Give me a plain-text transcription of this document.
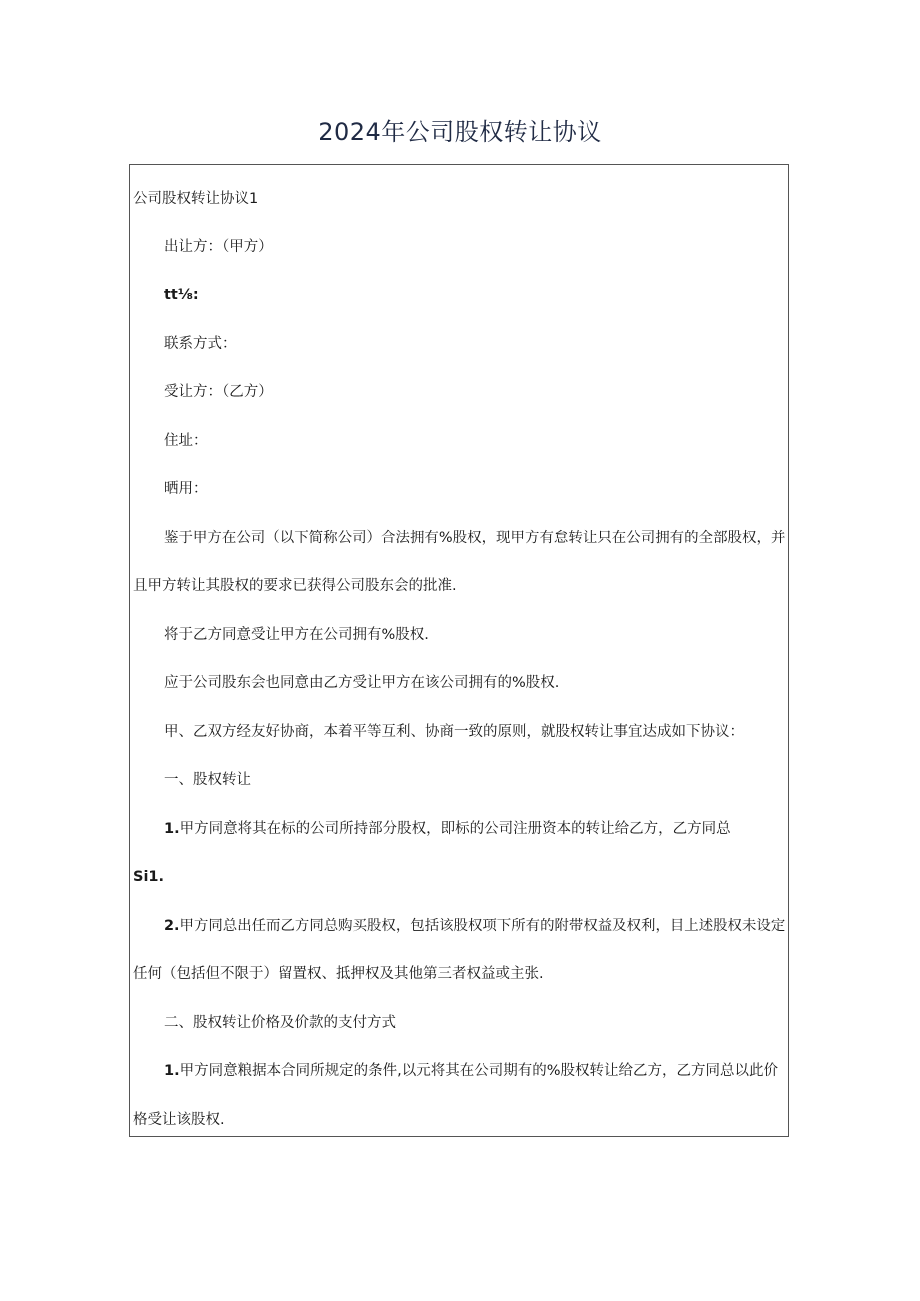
2024年公司股权转让协议
公司股权转让协议1
出让方：（甲方）
tt⅛:
联系方式：
受让方：（乙方）
住址：
晒用：
鉴于甲方在公司（以下简称公司）合法拥有%股权，现甲方有怠转让只在公司拥有的全部股权，并
且甲方转让其股权的要求已获得公司股东会的批准.
将于乙方同意受让甲方在公司拥有%股权.
应于公司股东会也同意由乙方受让甲方在该公司拥有的%股权.
甲、乙双方经友好协商，本着平等互利、协商一致的原则，就股权转让事宜达成如下协议：
一、股权转让
1.甲方同意将其在标的公司所持部分股权，即标的公司注册资本的转让给乙方，乙方同总
Si1.
2.甲方同总出任而乙方同总购买股权，包括该股权项下所有的附带权益及权利，目上述股权未设定
任何（包括但不限于）留置权、抵押权及其他第三者权益或主张.
二、股权转让价格及价款的支付方式
1.甲方同意粮据本合同所规定的条件,以元将其在公司期有的%股权转让给乙方，乙方同总以此价
格受让该股权.
